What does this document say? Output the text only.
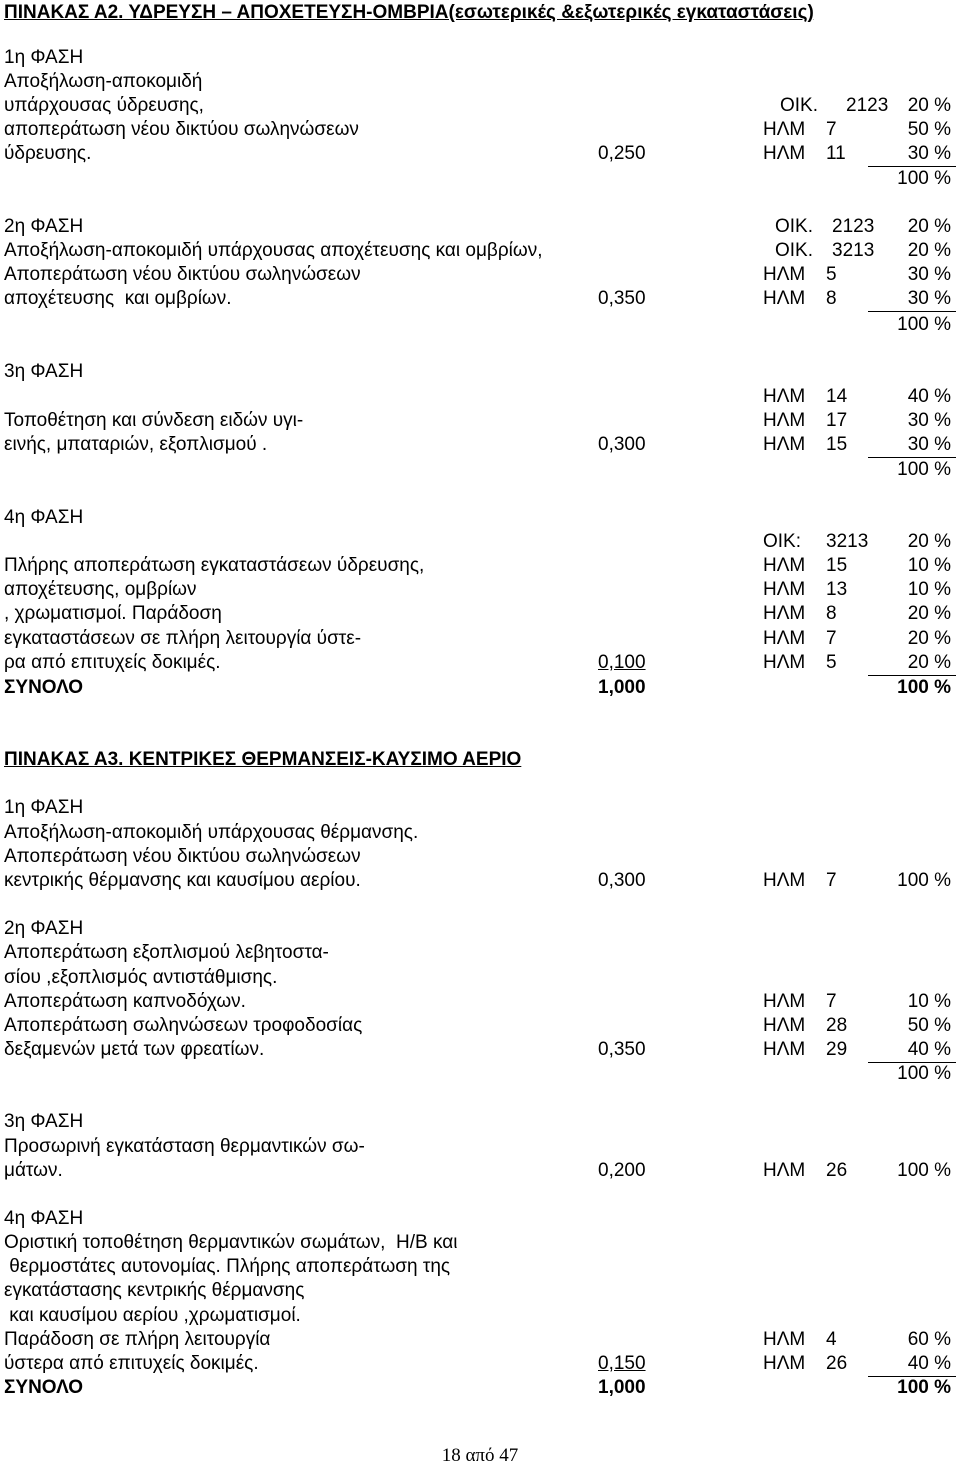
ΠΙΝΑΚΑΣ Α2. ΥΔΡΕΥΣΗ – ΑΠΟΧΕΤΕΥΣΗ-ΟΜΒΡΙΑ(εσωτερικές &εξωτερικές εγκαταστάσεις)
1η ΦΑΣΗ
Αποξήλωση-αποκομιδή
υπάρχουσας ύδρευσης,	ΟΙΚ. 2123	20 %
αποπεράτωση νέου δικτύου σωληνώσεων	ΗΛΜ 7	50 %
ύδρευσης.	0,250	ΗΛΜ 11	30 %
100 %
2η ΦΑΣΗ	ΟΙΚ. 2123	20 %
Αποξήλωση-αποκομιδή υπάρχουσας αποχέτευσης και ομβρίων,	ΟΙΚ. 3213	20 %
Αποπεράτωση νέου δικτύου σωληνώσεων	ΗΛΜ 5	30 %
αποχέτευσης  και ομβρίων.	0,350	ΗΛΜ 8	30 %
100 %
3η ΦΑΣΗ
ΗΛΜ 14	40 %
Τοποθέτηση και σύνδεση ειδών υγι-	ΗΛΜ 17	30 %
εινής, μπαταριών, εξοπλισμού .	0,300	ΗΛΜ 15	30 %
100 %
4η ΦΑΣΗ
ΟΙΚ: 3213	20 %
Πλήρης αποπεράτωση εγκαταστάσεων ύδρευσης,	ΗΛΜ 15	10 %
αποχέτευσης, ομβρίων	ΗΛΜ 13	10 %
, χρωματισμοί. Παράδοση	ΗΛΜ 8	20 %
εγκαταστάσεων σε πλήρη λειτουργία ύστε-	ΗΛΜ 7	20 %
ρα από επιτυχείς δοκιμές.	0,100	ΗΛΜ 5	20 %
ΣΥΝΟΛΟ	1,000	100 %
ΠΙΝΑΚΑΣ Α3. ΚΕΝΤΡΙΚΕΣ ΘΕΡΜΑΝΣΕΙΣ-ΚΑΥΣΙΜΟ ΑΕΡΙΟ
1η ΦΑΣΗ
Αποξήλωση-αποκομιδή υπάρχουσας θέρμανσης.
Αποπεράτωση νέου δικτύου σωληνώσεων
κεντρικής θέρμανσης και καυσίμου αερίου.	0,300	ΗΛΜ 7	100 %
2η ΦΑΣΗ
Αποπεράτωση εξοπλισμού λεβητοστα-
σίου ,εξοπλισμός αντιστάθμισης.
Αποπεράτωση καπνοδόχων.	ΗΛΜ 7	10 %
Αποπεράτωση σωληνώσεων τροφοδοσίας	ΗΛΜ 28	50 %
δεξαμενών μετά των φρεατίων.	0,350	ΗΛΜ 29	40 %
100 %
3η ΦΑΣΗ
Προσωρινή εγκατάσταση θερμαντικών σω-
μάτων.	0,200	ΗΛΜ 26	100 %
4η ΦΑΣΗ
Οριστική τοποθέτηση θερμαντικών σωμάτων,  Η/Β και
θερμοστάτες αυτονομίας. Πλήρης αποπεράτωση της
εγκατάστασης κεντρικής θέρμανσης
και καυσίμου αερίου ,χρωματισμοί.
Παράδοση σε πλήρη λειτουργία	ΗΛΜ 4	60 %
ύστερα από επιτυχείς δοκιμές.	0,150	ΗΛΜ 26	40 %
ΣΥΝΟΛΟ	1,000	100 %
18 από 47
